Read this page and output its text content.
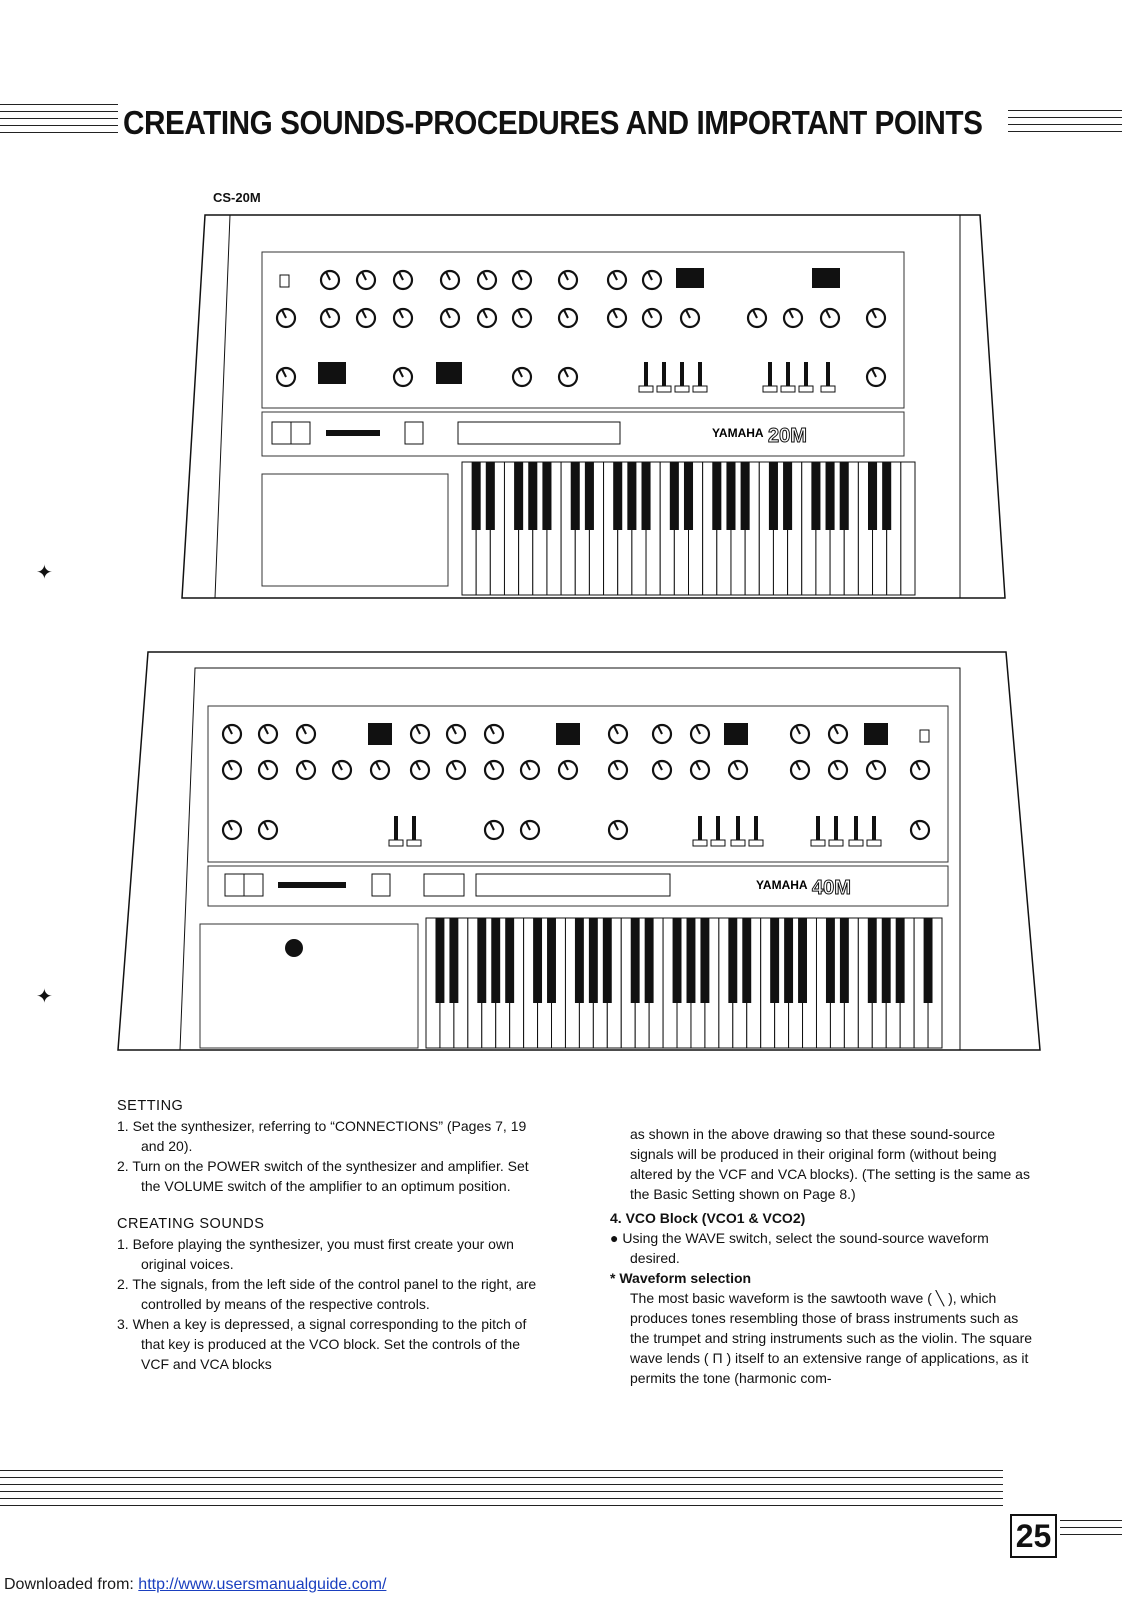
CREATING SOUNDS-PROCEDURES AND IMPORTANT POINTS
CS-20M
YAMAHA 20M
YAMAHA 40M

SETTING

1. Set the synthesizer, referring to “CONNECTIONS” (Pages 7, 19 and 20).

2. Turn on the POWER switch of the synthesizer and amplifier. Set the VOLUME switch of the amplifier to an optimum position.

CREATING SOUNDS

1. Before playing the synthesizer, you must first create your own original voices.

2. The signals, from the left side of the control panel to the right, are controlled by means of the respective controls.

3. When a key is depressed, a signal corresponding to the pitch of that key is produced at the VCO block. Set the controls of the VCF and VCA blocks

as shown in the above drawing so that these sound-source signals will be produced in their original form (without being altered by the VCF and VCA blocks). (The setting is the same as the Basic Setting shown on Page 8.)

4. VCO Block (VCO1 & VCO2)

● Using the WAVE switch, select the sound-source waveform desired.

* Waveform selection

The most basic waveform is the sawtooth wave ( ╲ ), which produces tones resembling those of brass instruments such as the trumpet and string instruments such as the violin. The square wave lends ( Π ) itself to an extensive range of applications, as it permits the tone (harmonic com-

25
✦
✦
Downloaded from: http://www.usersmanualguide.com/
